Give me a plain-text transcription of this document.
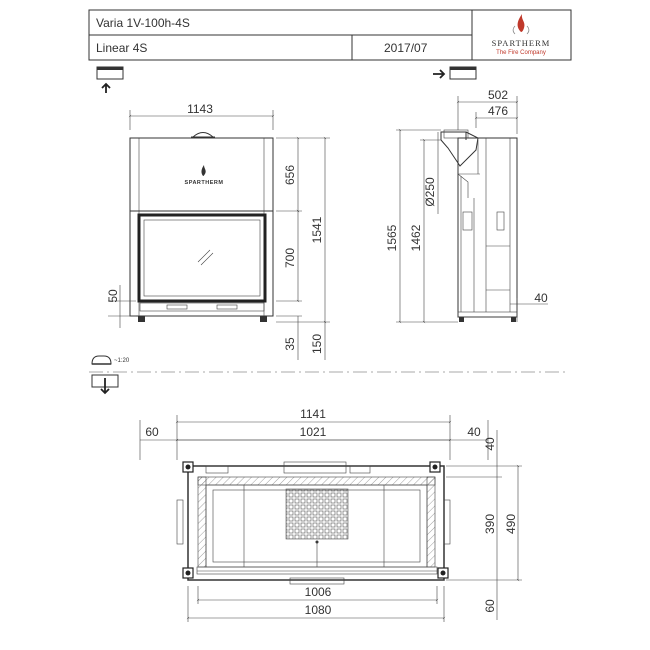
Varia 1V-100h-4S
Linear 4S	2017/07	SPARTHERM
The Fire Company
SPARTHERM
1143
656
700
1541
50
35 150
502
476
1565 1462
Ø250
40
~1:20
1141
1021
60	40
40
390 490
1006
1080	60
